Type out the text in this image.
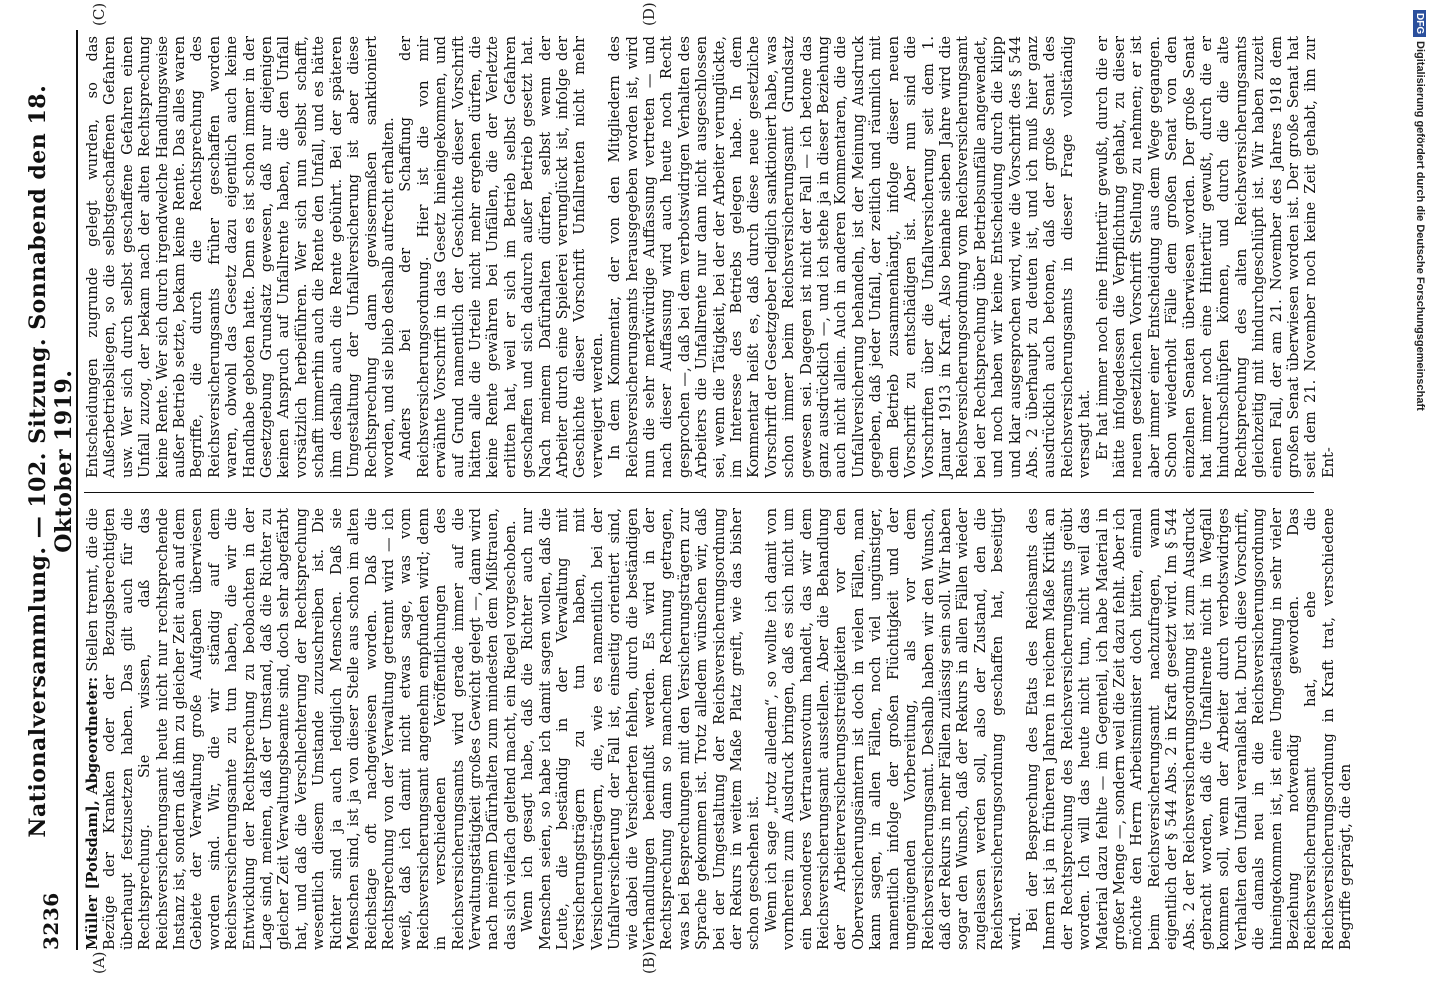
3236
Nationalversammlung. — 102. Sitzung. Sonnabend den 18. Oktober 1919.
(A)	(B)
(C)	(D)

Müller [Potsdam], Abgeordneter: Stellen trennt, die die Bezüge der Kranken oder der Bezugsberechtigten überhaupt festzusetzen haben. Das gilt auch für die Rechtsprechung. Sie wissen, daß das Reichsversicherungsamt heute nicht nur rechtsprechende Instanz ist, sondern daß ihm zu gleicher Zeit auch auf dem Gebiete der Verwaltung große Aufgaben überwiesen worden sind. Wir, die wir ständig auf dem Reichsversicherungsamte zu tun haben, die wir die Entwicklung der Rechtsprechung zu beobachten in der Lage sind, meinen, daß der Umstand, daß die Richter zu gleicher Zeit Verwaltungsbeamte sind, doch sehr abgefärbt hat, und daß die Verschlechterung der Rechtsprechung wesentlich diesem Umstande zuzuschreiben ist. Die Richter sind ja auch lediglich Menschen. Daß sie Menschen sind, ist ja von dieser Stelle aus schon im alten Reichstage oft nachgewiesen worden. Daß die Rechtsprechung von der Verwaltung getrennt wird — ich weiß, daß ich damit nicht etwas sage, was vom Reichsversicherungsamt angenehm empfunden wird; denn in verschiedenen Veröffentlichungen des Reichsversicherungsamts wird gerade immer auf die Verwaltungstätigkeit großes Gewicht gelegt —, dann wird nach meinem Dafürhalten zum mindesten dem Mißtrauen, das sich vielfach geltend macht, ein Riegel vorgeschoben. Wenn ich gesagt habe, daß die Richter auch nur Menschen seien, so habe ich damit sagen wollen, daß die Leute, die beständig in der Verwaltung mit Versicherungsträgern zu tun haben, mit Versicherungsträgern, die, wie es namentlich bei der Unfallversicherung der Fall ist, einseitig orientiert sind, wie dabei die Versicherten fehlen, durch die beständigen Verhandlungen beeinflußt werden. Es wird in der Rechtsprechung dann so manchem Rechnung getragen, was bei Besprechungen mit den Versicherungsträgern zur Sprache gekommen ist. Trotz alledem wünschen wir, daß bei der Umgestaltung der Reichsversicherungsordnung der Rekurs in weitem Maße Platz greift, wie das bisher schon geschehen ist. Wenn ich sage „trotz alledem“, so wollte ich damit von vornherein zum Ausdruck bringen, daß es sich nicht um ein besonderes Vertrauensvotum handelt, das wir dem Reichsversicherungsamt ausstellen. Aber die Behandlung der Arbeiterversicherungsstreitigkeiten vor den Oberversicherungsämtern ist doch in vielen Fällen, man kann sagen, in allen Fällen, noch viel ungünstiger, namentlich infolge der großen Flüchtigkeit und der ungenügenden Vorbereitung, als vor dem Reichsversicherungsamt. Deshalb haben wir den Wunsch, daß der Rekurs in mehr Fällen zulässig sein soll. Wir haben sogar den Wunsch, daß der Rekurs in allen Fällen wieder zugelassen werden soll, also der Zustand, den die Reichsversicherungsordnung geschaffen hat, beseitigt wird. Bei der Besprechung des Etats des Reichsamts des Innern ist ja in früheren Jahren in reichem Maße Kritik an der Rechtsprechung des Reichsversicherungsamts geübt worden. Ich will das heute nicht tun, nicht weil das Material dazu fehlte — im Gegenteil, ich habe Material in großer Menge —, sondern weil die Zeit dazu fehlt. Aber ich möchte den Herrn Arbeitsminister doch bitten, einmal beim Reichsversicherungsamt nachzufragen, wann eigentlich der § 544 Abs. 2 in Kraft gesetzt wird. Im § 544 Abs. 2 der Reichsversicherungsordnung ist zum Ausdruck gebracht worden, daß die Unfallrente nicht in Wegfall kommen soll, wenn der Arbeiter durch verbotswidriges Verhalten den Unfall veranlaßt hat. Durch diese Vorschrift, die damals neu in die Reichsversicherungsordnung hineingekommen ist, ist eine Umgestaltung in sehr vieler Beziehung notwendig geworden. Das Reichsversicherungsamt hat, ehe die Reichsversicherungsordnung in Kraft trat, verschiedene Begriffe geprägt, die den

Entscheidungen zugrunde gelegt wurden, so das Außerbetriebsliegen, so die selbstgeschaffenen Gefahren usw. Wer sich durch selbst geschaffene Gefahren einen Unfall zuzog, der bekam nach der alten Rechtsprechung keine Rente. Wer sich durch irgendwelche Handlungsweise außer Betrieb setzte, bekam keine Rente. Das alles waren Begriffe, die durch die Rechtsprechung des Reichsversicherungsamts früher geschaffen worden waren, obwohl das Gesetz dazu eigentlich auch keine Handhabe geboten hatte. Denn es ist schon immer in der Gesetzgebung Grundsatz gewesen, daß nur diejenigen keinen Anspruch auf Unfallrente haben, die den Unfall vorsätzlich herbeiführen. Wer sich nun selbst schafft, schafft immerhin auch die Rente den Unfall, und es hätte ihm deshalb auch die Rente gebührt. Bei der späteren Umgestaltung der Unfallversicherung ist aber diese Rechtsprechung dann gewissermaßen sanktioniert worden, und sie blieb deshalb aufrecht erhalten. Anders bei der Schaffung der Reichsversicherungsordnung. Hier ist die von mir erwähnte Vorschrift in das Gesetz hineingekommen, und auf Grund namentlich der Geschichte dieser Vorschrift hätten alle die Urteile nicht mehr ergehen dürfen, die keine Rente gewähren bei Unfällen, die der Verletzte erlitten hat, weil er sich im Betrieb selbst Gefahren geschaffen und sich dadurch außer Betrieb gesetzt hat. Nach meinem Dafürhalten dürfen, selbst wenn der Arbeiter durch eine Spielerei verunglückt ist, infolge der Geschichte dieser Vorschrift Unfallrenten nicht mehr verweigert werden. In dem Kommentar, der von den Mitgliedern des Reichsversicherungsamts herausgegeben worden ist, wird nun die sehr merkwürdige Auffassung vertreten — und nach dieser Auffassung wird auch heute noch Recht gesprochen —, daß bei dem verbotswidrigen Verhalten des Arbeiters die Unfallrente nur dann nicht ausgeschlossen sei, wenn die Tätigkeit, bei der der Arbeiter verunglückte, im Interesse des Betriebs gelegen habe. In dem Kommentar heißt es, daß durch diese neue gesetzliche Vorschrift der Gesetzgeber lediglich sanktioniert habe, was schon immer beim Reichsversicherungsamt Grundsatz gewesen sei. Dagegen ist nicht der Fall — ich betone das ganz ausdrücklich —, und ich stehe ja in dieser Beziehung auch nicht allein. Auch in anderen Kommentaren, die die Unfallversicherung behandeln, ist der Meinung Ausdruck gegeben, daß jeder Unfall, der zeitlich und räumlich mit dem Betrieb zusammenhängt, infolge dieser neuen Vorschrift zu entschädigen ist. Aber nun sind die Vorschriften über die Unfallversicherung seit dem 1. Januar 1913 in Kraft. Also beinahe sieben Jahre wird die Reichsversicherungsordnung vom Reichsversicherungsamt bei der Rechtsprechung über Betriebsunfälle angewendet, und noch haben wir keine Entscheidung durch die klipp und klar ausgesprochen wird, wie die Vorschrift des § 544 Abs. 2 überhaupt zu deuten ist, und ich muß hier ganz ausdrücklich auch betonen, daß der große Senat des Reichsversicherungsamts in dieser Frage vollständig versagt hat. Er hat immer noch eine Hintertür gewußt, durch die er hätte infolgedessen die Verpflichtung gehabt, zu dieser neuen gesetzlichen Vorschrift Stellung zu nehmen; er ist aber immer einer Entscheidung aus dem Wege gegangen. Schon wiederholt Fälle dem großen Senat von den einzelnen Senaten überwiesen worden. Der große Senat hat immer noch eine Hintertür gewußt, durch die er hindurchschlüpfen können, und durch die die alte Rechtsprechung des alten Reichsversicherungsamts gleichzeitig mit hindurchgeschlüpft ist. Wir haben zuzeit einen Fall, der am 21. November des Jahres 1918 dem großen Senat überwiesen worden ist. Der große Senat hat seit dem 21. November noch keine Zeit gehabt, ihn zur Ent-

DFG
Digitalisierung gefördert durch die Deutsche Forschungsgemeinschaft
